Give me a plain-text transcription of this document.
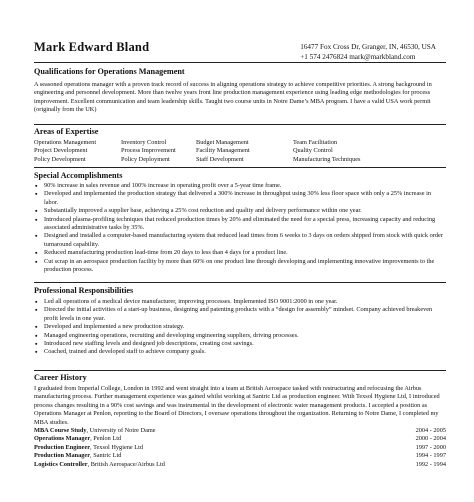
Mark Edward Bland	16477 Fox Cross Dr, Granger, IN, 46530, USA
+1 574 2476824 mark@markbland.com
Qualifications for Operations Management
A seasoned operations manager with a proven track record of success in aligning operations strategy to achieve competitive priorities. A strong background in engineering and personnel development. More than twelve years front line production management experience using leading edge methodologies for process improvement. Excellent communication and team leadership skills. Taught two course units in Notre Dame’s MBA program. I have a valid USA work permit (originally from the UK)
Areas of Expertise
Operations Management	Inventory Control	Budget Management	Team Facilitation
Project Development	Process Improvement	Facility Management	Quality Control
Policy Development	Policy Deployment	Staff Development	Manufacturing Techniques
Special Accomplishments
▪ 90% increase in sales revenue and 100% increase in operating profit over a 5-year time frame.
▪ Developed and implemented the production strategy that delivered a 300% increase in throughput using 30% less floor space with only a 25% increase in labor.
▪ Substantially improved a supplier base, achieving a 25% cost reduction and quality and delivery performance within one year.
▪ Introduced plasma-profiling techniques that reduced production times by 20% and eliminated the need for a special press, increasing capacity and reducing associated administrative tasks by 35%.
▪ Designed and installed a computer-based manufacturing system that reduced lead times from 6 weeks to 3 days on orders shipped from stock with quick order turnaround capability.
▪ Reduced manufacturing production lead-time from 20 days to less than 4 days for a product line.
▪ Cut scrap in an aerospace production facility by more than 60% on one product line through developing and implementing innovative improvements to the production process.
Professional Responsibilities
▪ Led all operations of a medical device manufacturer, improving processes. Implemented ISO 9001:2000 in one year.
▪ Directed the initial activities of a start-up business, designing and patenting products with a “design for assembly” mindset. Company achieved breakeven profit levels in one year.
▪ Developed and implemented a new production strategy.
▪ Managed engineering operations, recruiting and developing engineering suppliers, driving processes.
▪ Introduced new staffing levels and designed job descriptions, creating cost savings.
▪ Coached, trained and developed staff to achieve company goals.
Career History
I graduated from Imperial College, London in 1992 and went straight into a team at British Aerospace tasked with restructuring and refocusing the Airbus manufacturing process. Further management experience was gained whilst working at Santric Ltd as production engineer. With Texsol Hygiene Ltd, I introduced process changes resulting in a 90% cost savings and was instrumental in the development of electronic water management products. I accepted a position as Operations Manager at Penlon, reporting to the Board of Directors, I oversaw operations throughout the organization. Returning to Notre Dame, I completed my MBA studies.
MBA Course Study, University of Notre Dame	2004 - 2005
Operations Manager, Penlon Ltd	2000 - 2004
Production Engineer, Texsol Hygiene Ltd	1997 - 2000
Production Manager, Santric Ltd	1994 - 1997
Logistics Controller, British Aerospace/Airbus Ltd	1992 - 1994
